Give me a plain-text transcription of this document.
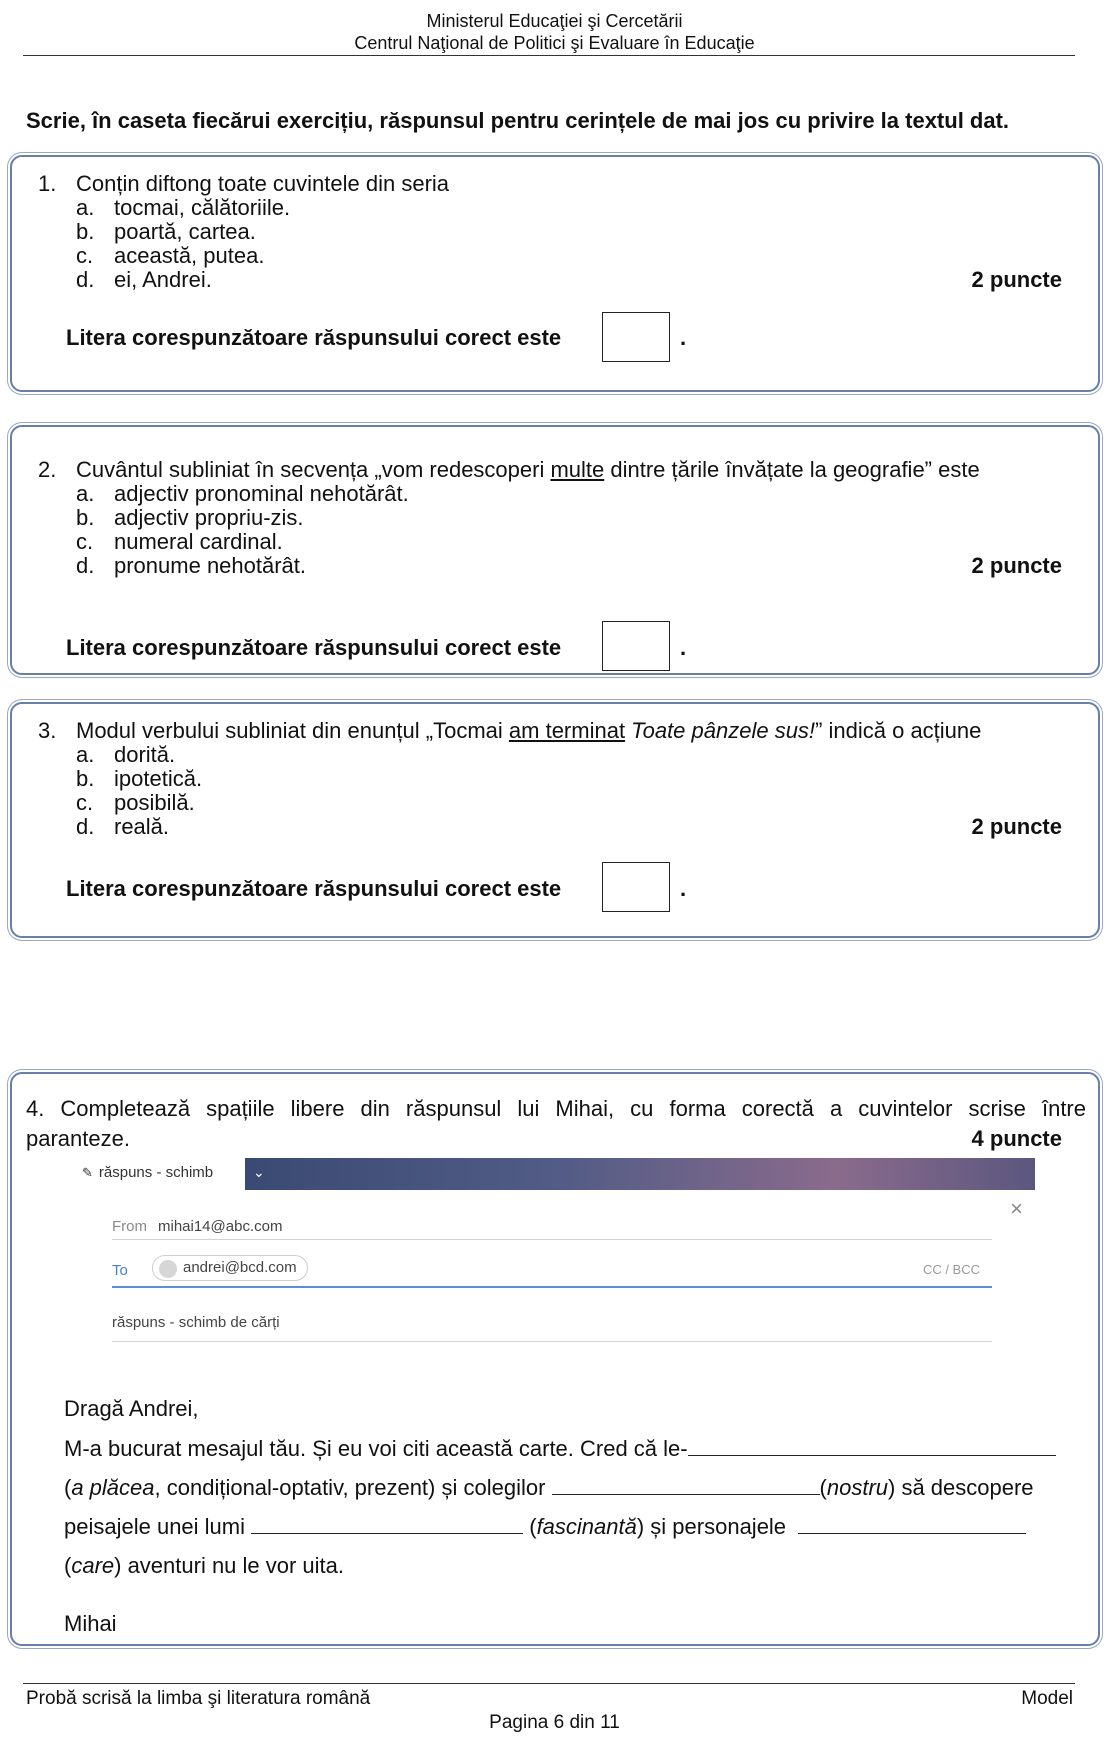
Ministerul Educaţiei şi Cercetării
Centrul Naţional de Politici şi Evaluare în Educaţie
Scrie, în caseta fiecărui exercițiu, răspunsul pentru cerințele de mai jos cu privire la textul dat.
1. Conțin diftong toate cuvintele din seria
a. tocmai, călătoriile.
b. poartă, cartea.
c. această, putea.
d. ei, Andrei.	2 puncte
Litera corespunzătoare răspunsului corect este	.
2. Cuvântul subliniat în secvența „vom redescoperi multe dintre țările învățate la geografie” este
a. adjectiv pronominal nehotărât.
b. adjectiv propriu-zis.
c. numeral cardinal.
d. pronume nehotărât.	2 puncte
Litera corespunzătoare răspunsului corect este	.
3. Modul verbului subliniat din enunțul „Tocmai am terminat Toate pânzele sus!” indică o acțiune
a. dorită.
b. ipotetică.
c. posibilă.
d. reală.	2 puncte
Litera corespunzătoare răspunsului corect este	.
4. Completează spațiile libere din răspunsul lui Mihai, cu forma corectă a cuvintelor scrise între
paranteze.	4 puncte
✎ răspuns - schimb	⌄
×
From mihai14@abc.com
To	andrei@bcd.com	CC / BCC
răspuns - schimb de cărți
Dragă Andrei,
M-a bucurat mesajul tău. Și eu voi citi această carte. Cred că le-
(a plăcea, condițional-optativ, prezent) și colegilor	(nostru) să descopere
peisajele unei lumi	(fascinantă) și personajele
(care) aventuri nu le vor uita.
Mihai
Probă scrisă la limba şi literatura română	Model
Pagina 6 din 11
